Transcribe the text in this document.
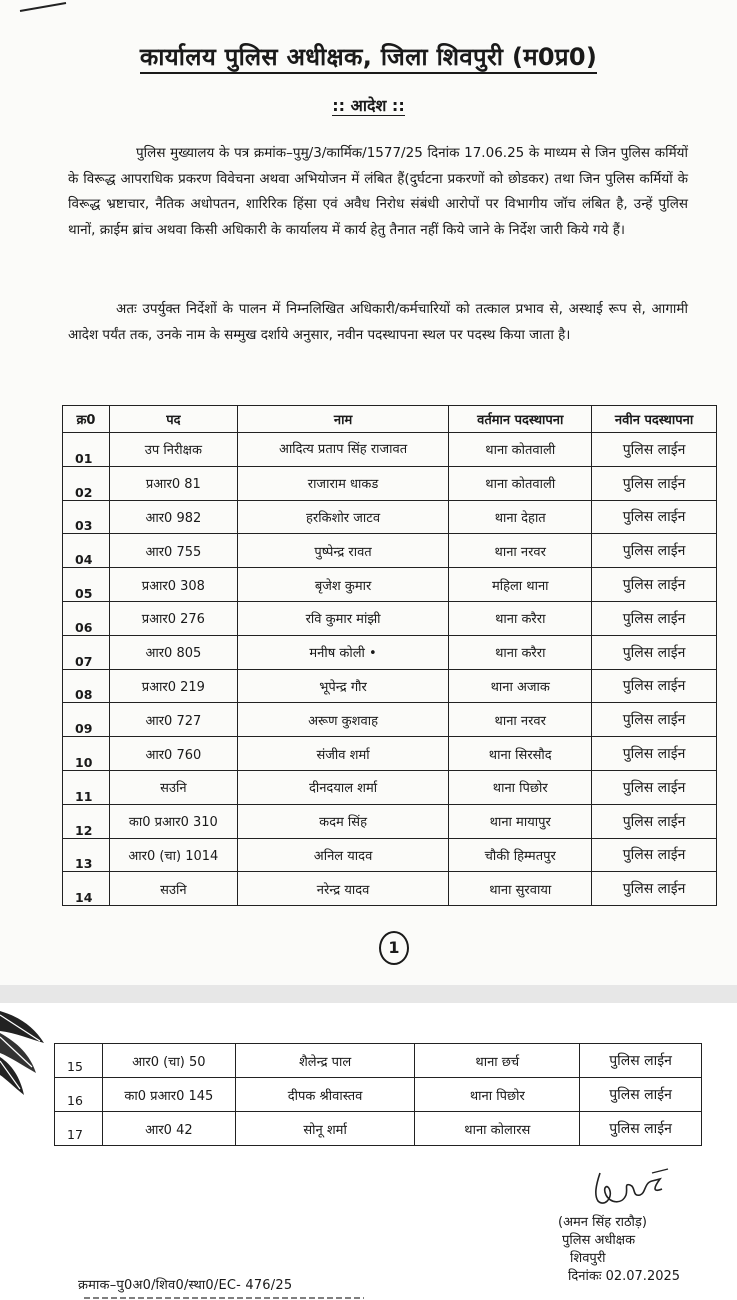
कार्यालय पुलिस अधीक्षक, जिला शिवपुरी (म0प्र0)
:: आदेश ::

पुलिस मुख्यालय के पत्र क्रमांक–पुमु/3/कार्मिक/1577/25 दिनांक 17.06.25 के माध्यम से जिन पुलिस कर्मियों के विरूद्ध आपराधिक प्रकरण विवेचना अथवा अभियोजन में लंबित हैं(दुर्घटना प्रकरणों को छोडकर) तथा जिन पुलिस कर्मियों के विरूद्ध भ्रष्टाचार, नैतिक अधोपतन, शारिरिक हिंसा एवं अवैध निरोध संबंधी आरोपों पर विभागीय जॉच लंबित है, उन्हें पुलिस थानों, क्राईम ब्रांच अथवा किसी अधिकारी के कार्यालय में कार्य हेतु तैनात नहीं किये जाने के निर्देश जारी किये गये हैं।

अतः उपर्युक्त निर्देशों के पालन में निम्नलिखित अधिकारी/कर्मचारियों को तत्काल प्रभाव से, अस्थाई रूप से, आगामी आदेश पर्यंत तक, उनके नाम के सम्मुख दर्शाये अनुसार, नवीन पदस्थापना स्थल पर पदस्थ किया जाता है।

क्र0	पद	नाम	वर्तमान पदस्थापना	नवीन पदस्थापना
01	उप निरीक्षक	आदित्य प्रताप सिंह राजावत	थाना कोतवाली	पुलिस लाईन
02	प्रआर0 81	राजाराम धाकड	थाना कोतवाली	पुलिस लाईन
03	आर0 982	हरकिशोर जाटव	थाना देहात	पुलिस लाईन
04	आर0 755	पुष्पेन्द्र रावत	थाना नरवर	पुलिस लाईन
05	प्रआर0 308	बृजेश कुमार	महिला थाना	पुलिस लाईन
06	प्रआर0 276	रवि कुमार मांझी	थाना करैरा	पुलिस लाईन
07	आर0 805	मनीष कोली •	थाना करैरा	पुलिस लाईन
08	प्रआर0 219	भूपेन्द्र गौर	थाना अजाक	पुलिस लाईन
09	आर0 727	अरूण कुशवाह	थाना नरवर	पुलिस लाईन
10	आर0 760	संजीव शर्मा	थाना सिरसौद	पुलिस लाईन
11	सउनि	दीनदयाल शर्मा	थाना पिछोर	पुलिस लाईन
12	का0 प्रआर0 310	कदम सिंह	थाना मायापुर	पुलिस लाईन
13	आर0 (चा) 1014	अनिल यादव	चौकी हिम्मतपुर	पुलिस लाईन
14	सउनि	नरेन्द्र यादव	थाना सुरवाया	पुलिस लाईन
1
15	आर0 (चा) 50	शैलेन्द्र पाल	थाना छर्च	पुलिस लाईन
16	का0 प्रआर0 145	दीपक श्रीवास्तव	थाना पिछोर	पुलिस लाईन
17	आर0 42	सोनू शर्मा	थाना कोलारस	पुलिस लाईन
(अमन सिंह राठौड़)
पुलिस अधीक्षक
शिवपुरी
दिनांकः 02.07.2025
क्रमाक–पु0अ0/शिव0/स्था0/EC- 476/25
